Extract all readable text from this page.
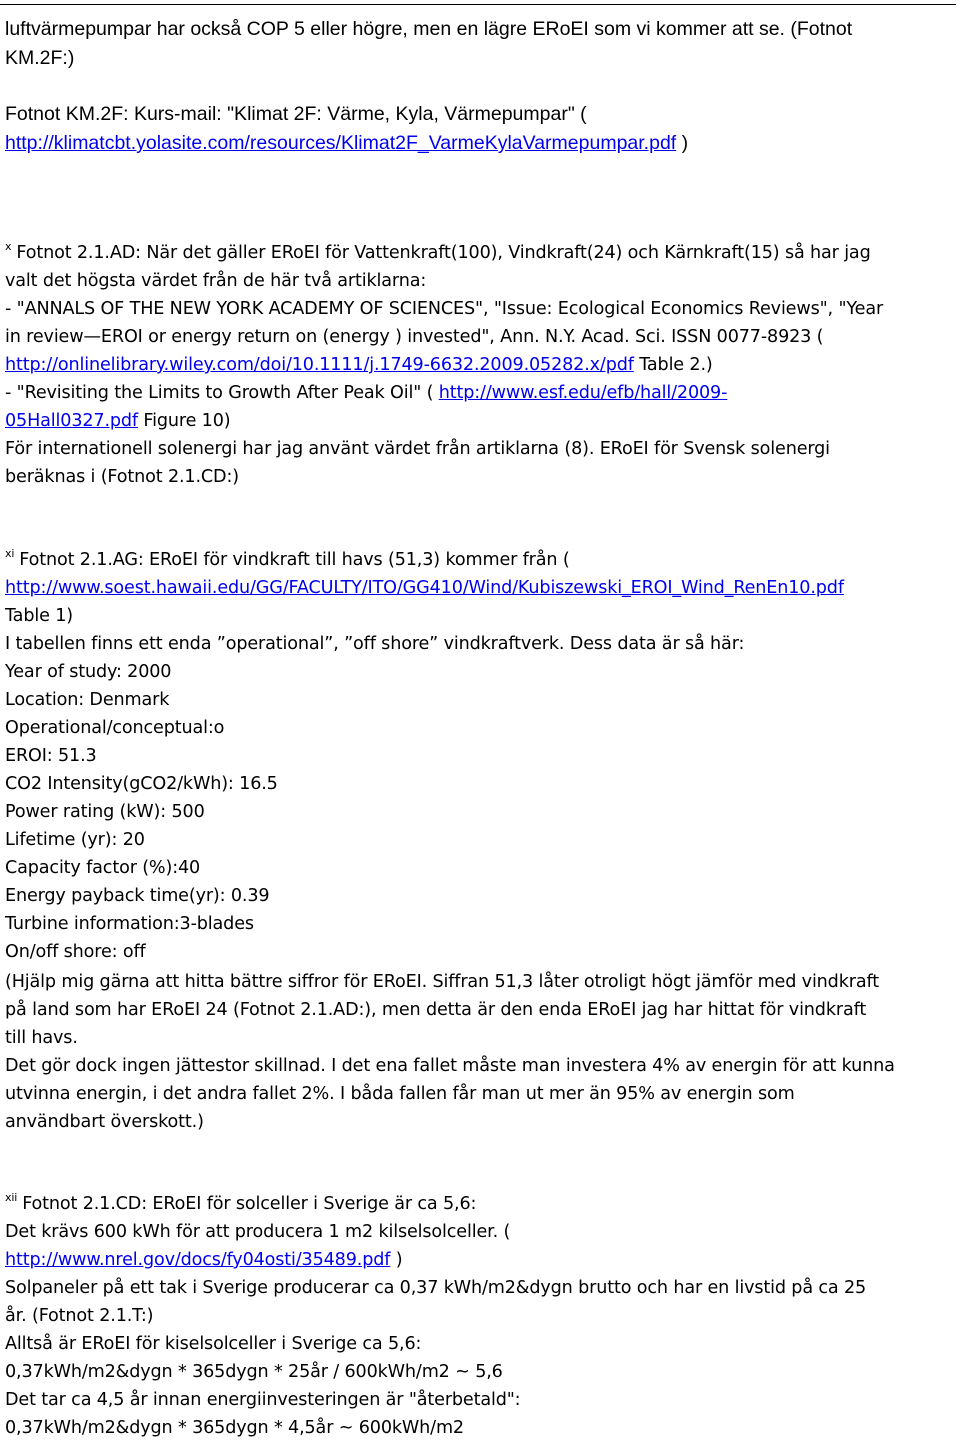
luftvärmepumpar har också COP 5 eller högre, men en lägre ERoEI som vi kommer att se. (Fotnot
KM.2F:)
Fotnot KM.2F: Kurs-mail: "Klimat 2F: Värme, Kyla, Värmepumpar" (
http://klimatcbt.yolasite.com/resources/Klimat2F_VarmeKylaVarmepumpar.pdf )
$^x$ Fotnot 2.1.AD: När det gäller ERoEI för Vattenkraft(100), Vindkraft(24) och Kärnkraft(15) så har jag
valt det högsta värdet från de här två artiklarna:
- "ANNALS OF THE NEW YORK ACADEMY OF SCIENCES", "Issue: Ecological Economics Reviews", "Year
in review—EROI or energy return on (energy ) invested", Ann. N.Y. Acad. Sci. ISSN 0077-8923 (
http://onlinelibrary.wiley.com/doi/10.1111/j.1749-6632.2009.05282.x/pdf Table 2.)
- "Revisiting the Limits to Growth After Peak Oil" ( http://www.esf.edu/efb/hall/2009-
05Hall0327.pdf Figure 10)
För internationell solenergi har jag använt värdet från artiklarna (8). ERoEI för Svensk solenergi
beräknas i (Fotnot 2.1.CD:)
$^{xi}$ Fotnot 2.1.AG: ERoEI för vindkraft till havs (51,3) kommer från (
http://www.soest.hawaii.edu/GG/FACULTY/ITO/GG410/Wind/Kubiszewski_EROI_Wind_RenEn10.pdf
Table 1)
I tabellen finns ett enda ”operational”, ”off shore” vindkraftverk. Dess data är så här:
Year of study: 2000
Location: Denmark
Operational/conceptual:o
EROI: 51.3
CO2 Intensity(gCO2/kWh): 16.5
Power rating (kW): 500
Lifetime (yr): 20
Capacity factor (%):40
Energy payback time(yr): 0.39
Turbine information:3-blades
On/off shore: off
(Hjälp mig gärna att hitta bättre siffror för ERoEI. Siffran 51,3 låter otroligt högt jämför med vindkraft
på land som har ERoEI 24 (Fotnot 2.1.AD:), men detta är den enda ERoEI jag har hittat för vindkraft
till havs.
Det gör dock ingen jättestor skillnad. I det ena fallet måste man investera 4% av energin för att kunna
utvinna energin, i det andra fallet 2%. I båda fallen får man ut mer än 95% av energin som
användbart överskott.)
$^{xii}$ Fotnot 2.1.CD: ERoEI för solceller i Sverige är ca 5,6:
Det krävs 600 kWh för att producera 1 m2 kilselsolceller. (
http://www.nrel.gov/docs/fy04osti/35489.pdf )
Solpaneler på ett tak i Sverige producerar ca 0,37 kWh/m2&dygn brutto och har en livstid på ca 25
år. (Fotnot 2.1.T:)
Alltså är ERoEI för kiselsolceller i Sverige ca 5,6:
0,37kWh/m2&dygn * 365dygn * 25år / 600kWh/m2 ~ 5,6
Det tar ca 4,5 år innan energiinvesteringen är "återbetald":
0,37kWh/m2&dygn * 365dygn * 4,5år ~ 600kWh/m2
